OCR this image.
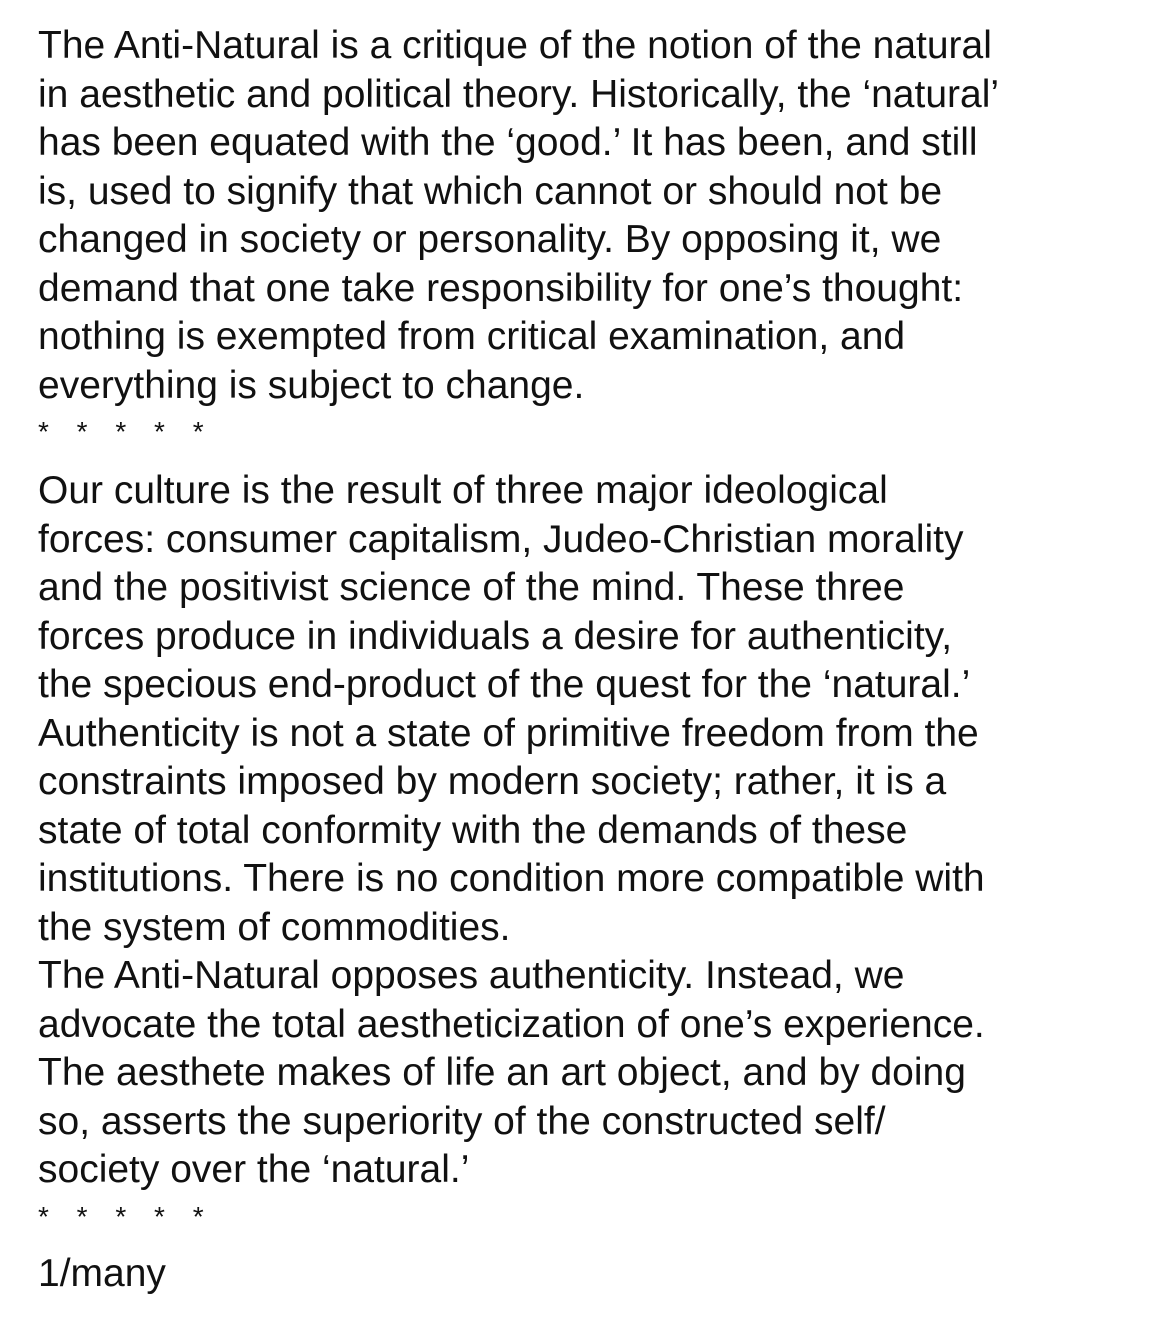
The Anti-Natural is a critique of the notion of the natural
in aesthetic and political theory. Historically, the ‘natural’
has been equated with the ‘good.’ It has been, and still
is, used to signify that which cannot or should not be
changed in society or personality. By opposing it, we
demand that one take responsibility for one’s thought:
nothing is exempted from critical examination, and
everything is subject to change.

* * * * *

Our culture is the result of three major ideological
forces: consumer capitalism, Judeo-Christian morality
and the positivist science of the mind. These three
forces produce in individuals a desire for authenticity,
the specious end-product of the quest for the ‘natural.’
Authenticity is not a state of primitive freedom from the
constraints imposed by modern society; rather, it is a
state of total conformity with the demands of these
institutions. There is no condition more compatible with
the system of commodities.

The Anti-Natural opposes authenticity. Instead, we
advocate the total aestheticization of one’s experience.
The aesthete makes of life an art object, and by doing
so, asserts the superiority of the constructed self/
society over the ‘natural.’

* * * * *

1/many
